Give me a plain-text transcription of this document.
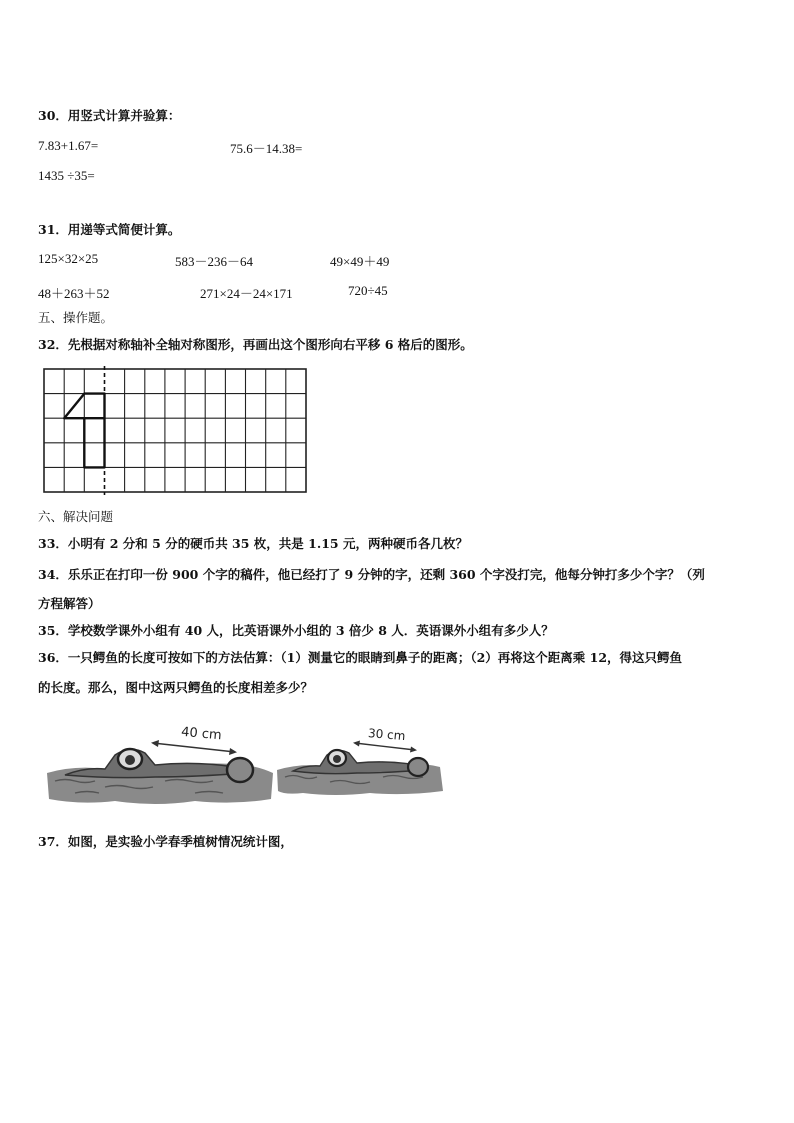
30．用竖式计算并验算：
7.83+1.67=	75.6－14.38=
1435 ÷35=
31．用递等式简便计算。
125×32×25	583－236－64	49×49＋49
48＋263＋52	271×24－24×171	720÷45
五、操作题。
32．先根据对称轴补全轴对称图形，再画出这个图形向右平移 6 格后的图形。
六、解决问题
33．小明有 2 分和 5 分的硬币共 35 枚，共是 1.15 元，两种硬币各几枚？
34．乐乐正在打印一份 900 个字的稿件，他已经打了 9 分钟的字，还剩 360 个字没打完，他每分钟打多少个字？（列
方程解答）
35．学校数学课外小组有 40 人，比英语课外小组的 3 倍少 8 人．英语课外小组有多少人？
36．一只鳄鱼的长度可按如下的方法估算：（1）测量它的眼睛到鼻子的距离；（2）再将这个距离乘 12，得这只鳄鱼
的长度。那么，图中这两只鳄鱼的长度相差多少？
40 cm	30 cm
37．如图，是实验小学春季植树情况统计图，
